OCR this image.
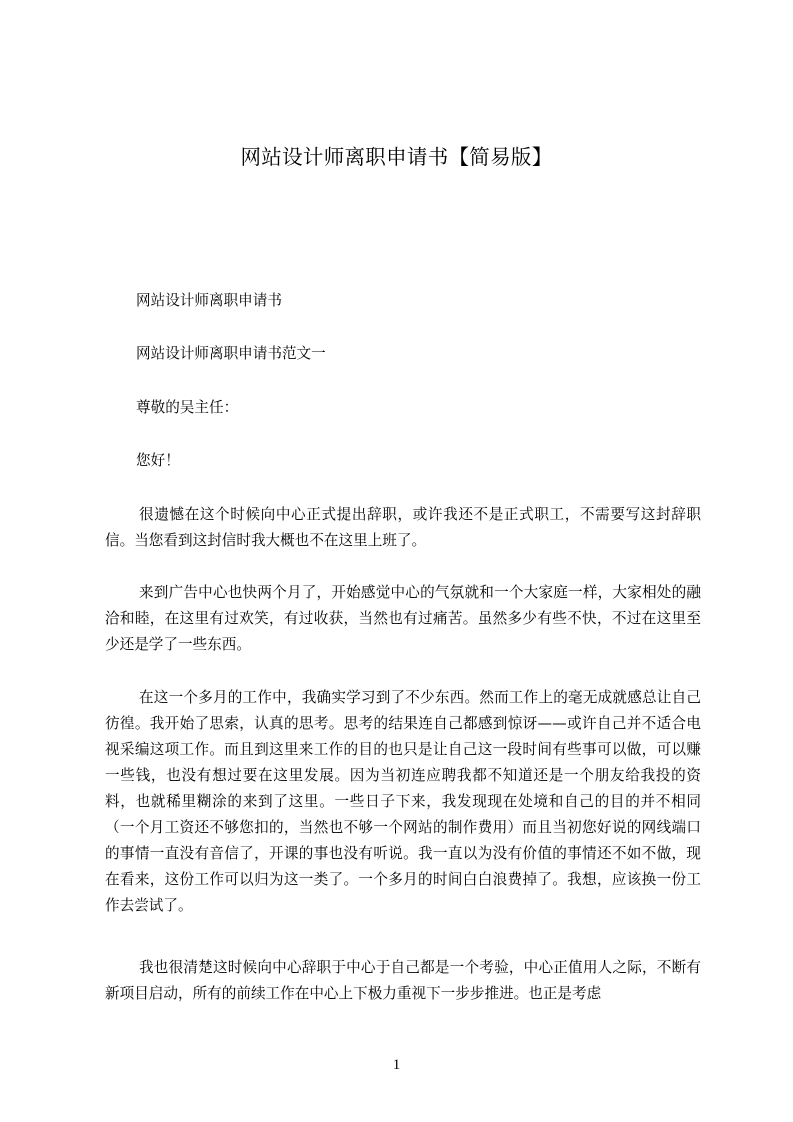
网站设计师离职申请书【简易版】
网站设计师离职申请书
网站设计师离职申请书范文一
尊敬的吴主任：
您好！
很遗憾在这个时候向中心正式提出辞职，或许我还不是正式职工，不需要写这封辞职信。当您看到这封信时我大概也不在这里上班了。
来到广告中心也快两个月了，开始感觉中心的气氛就和一个大家庭一样，大家相处的融洽和睦，在这里有过欢笑，有过收获，当然也有过痛苦。虽然多少有些不快，不过在这里至少还是学了一些东西。
在这一个多月的工作中，我确实学习到了不少东西。然而工作上的毫无成就感总让自己彷徨。我开始了思索，认真的思考。思考的结果连自己都感到惊讶——或许自己并不适合电视采编这项工作。而且到这里来工作的目的也只是让自己这一段时间有些事可以做，可以赚一些钱，也没有想过要在这里发展。因为当初连应聘我都不知道还是一个朋友给我投的资料，也就稀里糊涂的来到了这里。一些日子下来，我发现现在处境和自己的目的并不相同（一个月工资还不够您扣的，当然也不够一个网站的制作费用）而且当初您好说的网线端口的事情一直没有音信了，开课的事也没有听说。我一直以为没有价值的事情还不如不做，现在看来，这份工作可以归为这一类了。一个多月的时间白白浪费掉了。我想，应该换一份工作去尝试了。
我也很清楚这时候向中心辞职于中心于自己都是一个考验，中心正值用人之际，不断有新项目启动，所有的前续工作在中心上下极力重视下一步步推进。也正是考虑
1
